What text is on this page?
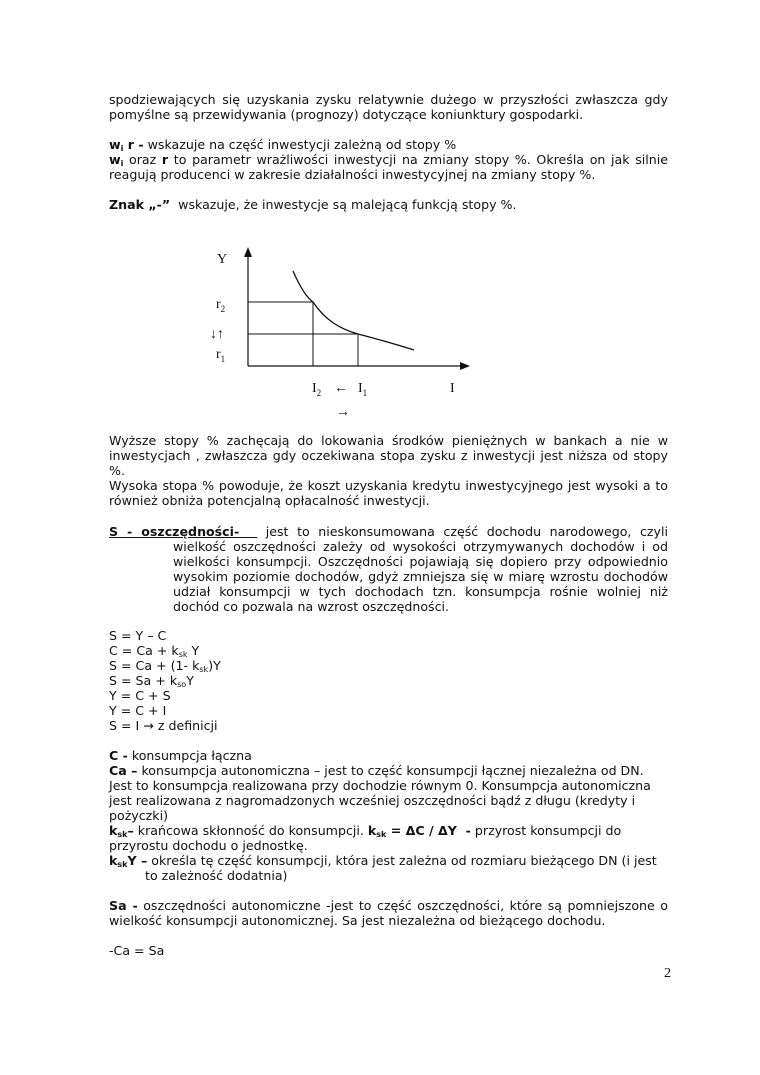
spodziewających się uzyskania zysku relatywnie dużego w przyszłości zwłaszcza gdy
pomyślne są przewidywania (prognozy) dotyczące koniunktury gospodarki.
$w_i$ r - wskazuje na część inwestycji zależną od stopy %
$w_i$ oraz r to parametr wrażliwości inwestycji na zmiany stopy %. Określa on jak silnie
reagują producenci w zakresie działalności inwestycyjnej na zmiany stopy %.
Znak „-”  wskazuje, że inwestycje są malejącą funkcją stopy %.
Y
$r_2$
↓↑
$r_1$
$I_2$ ← $I_1$	I
→
Wyższe stopy % zachęcają do lokowania środków pieniężnych w bankach a nie w
inwestycjach , zwłaszcza gdy oczekiwana stopa zysku z inwestycji jest niższa od stopy
%.
Wysoka stopa % powoduje, że koszt uzyskania kredytu inwestycyjnego jest wysoki a to
również obniża potencjalną opłacalność inwestycji.
S - oszczędności-   jest to nieskonsumowana część dochodu narodowego, czyli
wielkość oszczędności zależy od wysokości otrzymywanych dochodów i od
wielkości konsumpcji. Oszczędności pojawiają się dopiero przy odpowiednio
wysokim poziomie dochodów, gdyż zmniejsza się w miarę wzrostu dochodów
udział konsumpcji w tych dochodach tzn. konsumpcja rośnie wolniej niż
dochód co pozwala na wzrost oszczędności.
S = Y – C
$C = Ca + k_{sk}$ Y
S = Ca + (1- $k_{sk})Y$
$S = Sa + k_{so}Y$
Y = C + S
Y = C + I
S = I → z definicji
C - konsumpcja łączna
Ca – konsumpcja autonomiczna – jest to część konsumpcji łącznej niezależna od DN.
Jest to konsumpcja realizowana przy dochodzie równym 0. Konsumpcja autonomiczna
jest realizowana z nagromadzonych wcześniej oszczędności bądź z długu (kredyty i
pożyczki)
$k_{sk}-$ krańcowa skłonność do konsumpcji. $k_{sk} = \Delta C / \Delta Y$  - przyrost konsumpcji do
przyrostu dochodu o jednostkę.
$k_{sk}Y$ – określa tę część konsumpcji, która jest zależna od rozmiaru bieżącego DN (i jest
to zależność dodatnia)
Sa - oszczędności autonomiczne -jest to część oszczędności, które są pomniejszone o
wielkość konsumpcji autonomicznej. Sa jest niezależna od bieżącego dochodu.
-Ca = Sa
2
